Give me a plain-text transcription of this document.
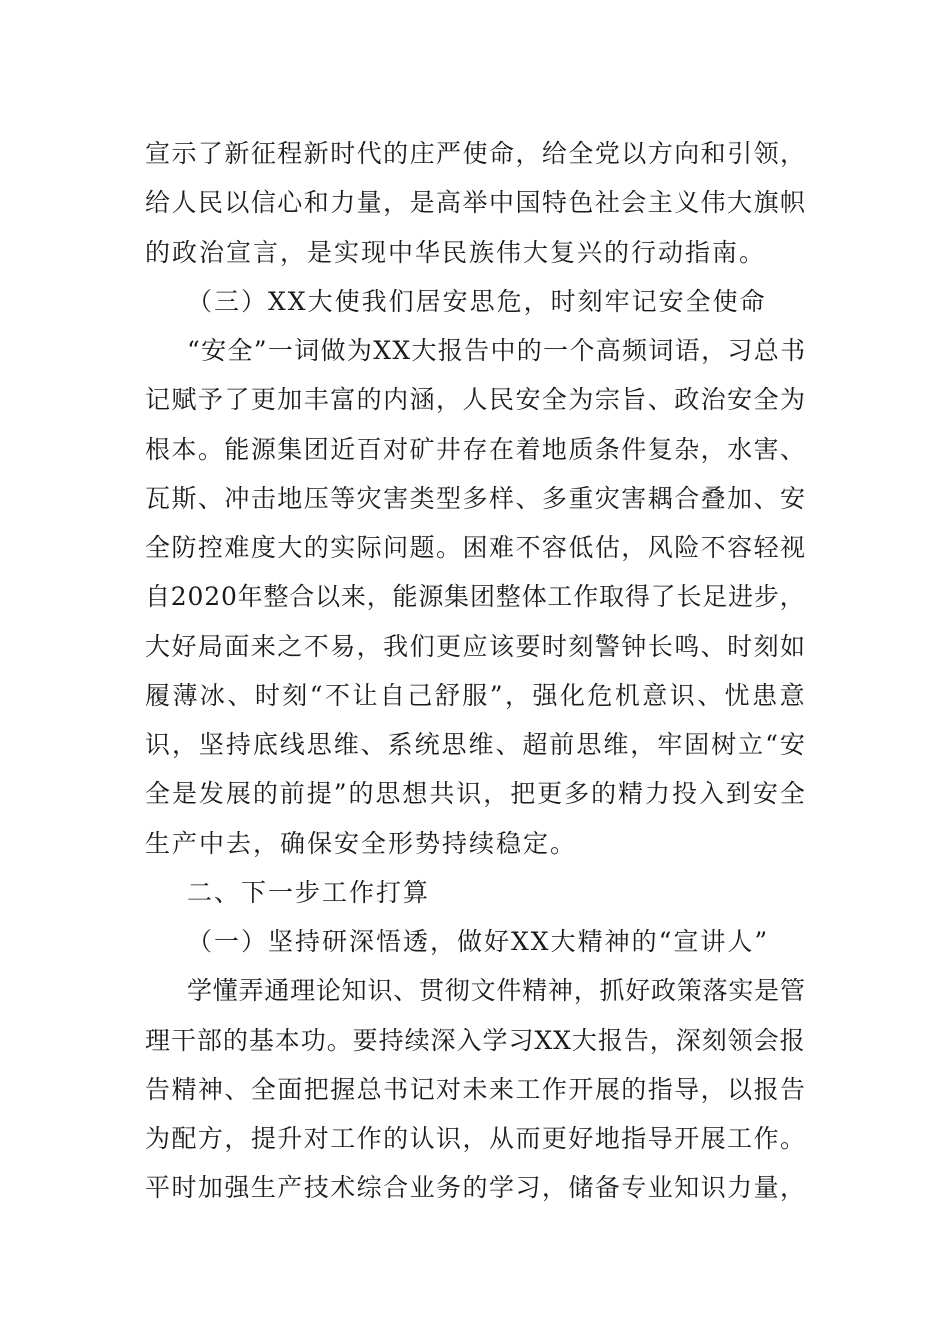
宣示了新征程新时代的庄严使命，给全党以方向和引领，

给人民以信心和力量，是高举中国特色社会主义伟大旗帜

的政治宣言，是实现中华民族伟大复兴的行动指南。

（三）XX大使我们居安思危，时刻牢记安全使命

“安全”一词做为XX大报告中的一个高频词语，习总书

记赋予了更加丰富的内涵，人民安全为宗旨、政治安全为

根本。能源集团近百对矿井存在着地质条件复杂，水害、

瓦斯、冲击地压等灾害类型多样、多重灾害耦合叠加、安

全防控难度大的实际问题。困难不容低估，风险不容轻视

自2020年整合以来，能源集团整体工作取得了长足进步，

大好局面来之不易，我们更应该要时刻警钟长鸣、时刻如

履薄冰、时刻“不让自己舒服”，强化危机意识、忧患意

识，坚持底线思维、系统思维、超前思维，牢固树立“安

全是发展的前提”的思想共识，把更多的精力投入到安全

生产中去，确保安全形势持续稳定。

二、下一步工作打算

（一）坚持研深悟透，做好XX大精神的“宣讲人”

学懂弄通理论知识、贯彻文件精神，抓好政策落实是管

理干部的基本功。要持续深入学习XX大报告，深刻领会报

告精神、全面把握总书记对未来工作开展的指导，以报告

为配方，提升对工作的认识，从而更好地指导开展工作。

平时加强生产技术综合业务的学习，储备专业知识力量，
